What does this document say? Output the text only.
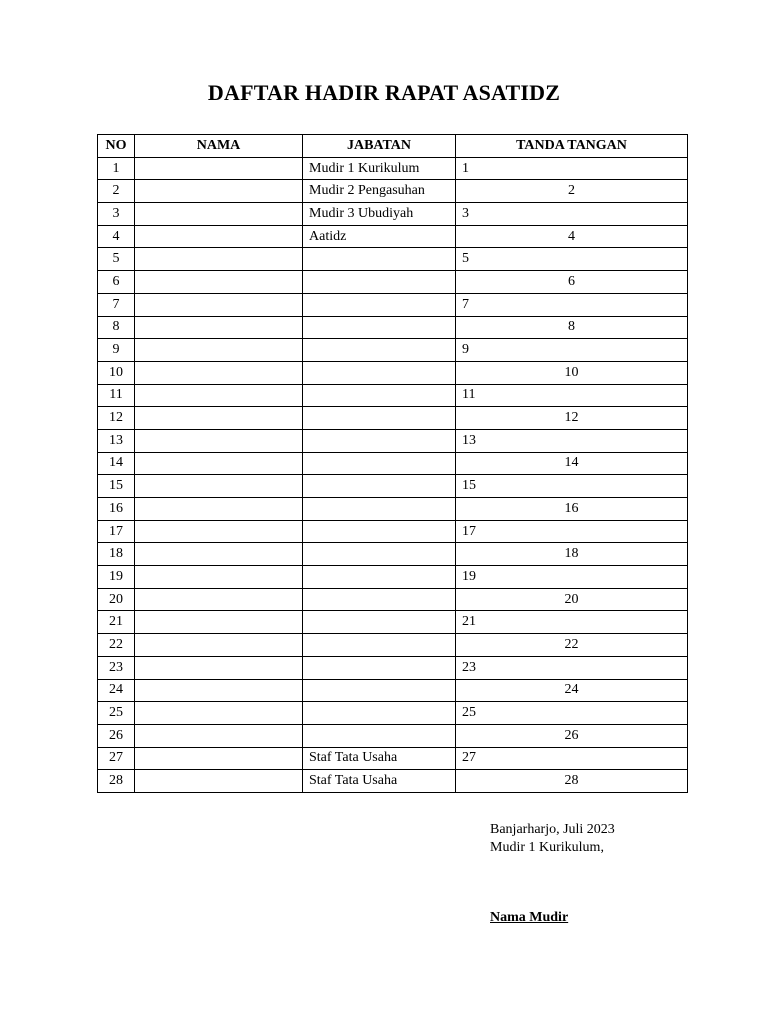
DAFTAR HADIR RAPAT ASATIDZ
NO	NAMA	JABATAN	TANDA TANGAN
1		Mudir 1 Kurikulum	1
2		Mudir 2 Pengasuhan	2
3		Mudir 3 Ubudiyah	3
4		Aatidz	4
5			5
6			6
7			7
8			8
9			9
10			10
11			11
12			12
13			13
14			14
15			15
16			16
17			17
18			18
19			19
20			20
21			21
22			22
23			23
24			24
25			25
26			26
27		Staf Tata Usaha	27
28		Staf Tata Usaha	28
Banjarharjo, Juli 2023
Mudir 1 Kurikulum,
Nama Mudir
